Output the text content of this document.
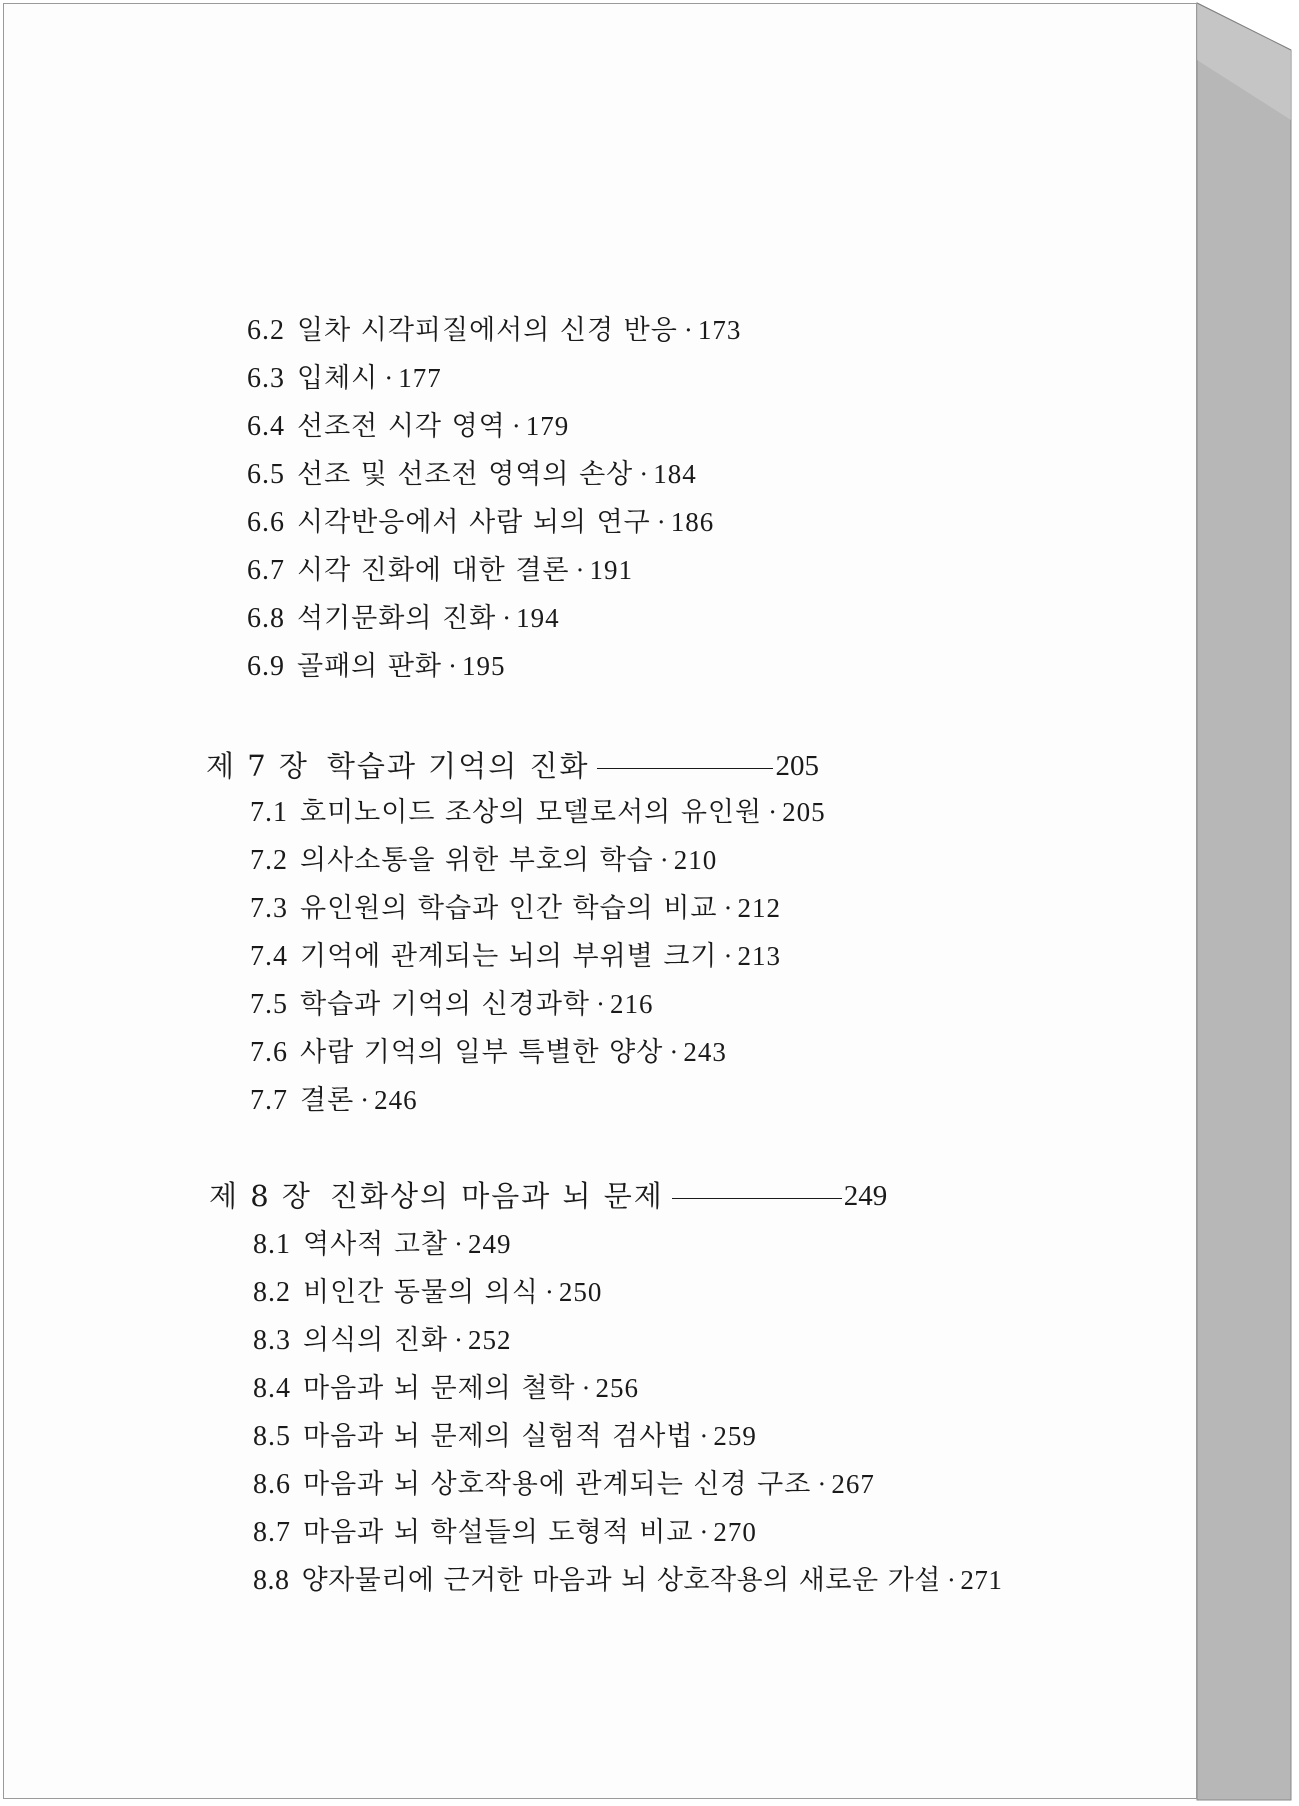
6.2 일차 시각피질에서의 신경 반응 · 173
6.3 입체시 · 177
6.4 선조전 시각 영역 · 179
6.5 선조 및 선조전 영역의 손상 · 184
6.6 시각반응에서 사람 뇌의 연구 · 186
6.7 시각 진화에 대한 결론 · 191
6.8 석기문화의 진화 · 194
6.9 골패의 판화 · 195
제 7 장 학습과 기억의 진화	205
7.1 호미노이드 조상의 모델로서의 유인원 · 205
7.2 의사소통을 위한 부호의 학습 · 210
7.3 유인원의 학습과 인간 학습의 비교 · 212
7.4 기억에 관계되는 뇌의 부위별 크기 · 213
7.5 학습과 기억의 신경과학 · 216
7.6 사람 기억의 일부 특별한 양상 · 243
7.7 결론 · 246
제 8 장 진화상의 마음과 뇌 문제	249
8.1 역사적 고찰 · 249
8.2 비인간 동물의 의식 · 250
8.3 의식의 진화 · 252
8.4 마음과 뇌 문제의 철학 · 256
8.5 마음과 뇌 문제의 실험적 검사법 · 259
8.6 마음과 뇌 상호작용에 관계되는 신경 구조 · 267
8.7 마음과 뇌 학설들의 도형적 비교 · 270
8.8 양자물리에 근거한 마음과 뇌 상호작용의 새로운 가설 · 271
